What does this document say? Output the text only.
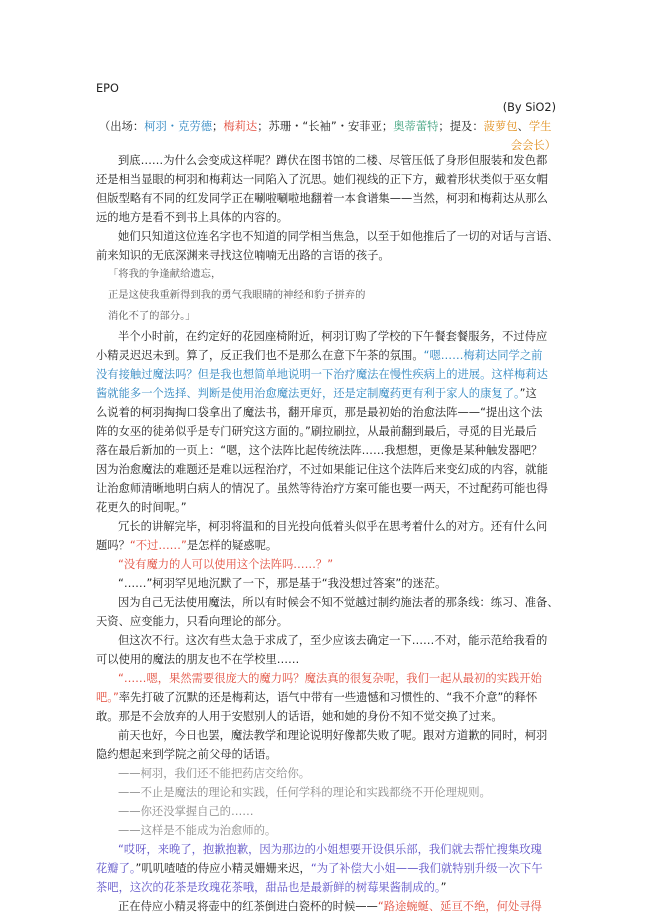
EPO
(By SiO2)
（出场：柯羽・克劳德；梅莉达；苏珊・“长袖”・安菲亚；奥蒂蕾特；提及：菠萝包、学生
会会长）
到底……为什么会变成这样呢？蹲伏在图书馆的二楼、尽管压低了身形但服装和发色都
还是相当显眼的柯羽和梅莉达一同陷入了沉思。她们视线的正下方，戴着形状类似于巫女帽
但版型略有不同的红发同学正在唰啦唰啦地翻着一本食谱集——当然，柯羽和梅莉达从那么
远的地方是看不到书上具体的内容的。
她们只知道这位连名字也不知道的同学相当焦急，以至于如他推后了一切的对话与言语、
前来知识的无底深渊来寻找这位喃喃无出路的言语的孩子。
「将我的争逢献给遗忘，
正是这使我重新得到我的勇气我眼睛的神经和豹子拼弃的
消化不了的部分。」
半个小时前，在约定好的花园座椅附近，柯羽订购了学校的下午餐套餐服务，不过侍应
小精灵迟迟未到。算了，反正我们也不是那么在意下午茶的氛围。“嗯……梅莉达同学之前
没有接触过魔法吗？但是我也想简单地说明一下治疗魔法在慢性疾病上的进展。这样梅莉达
酱就能多一个选择、判断是使用治愈魔法更好，还是定制魔药更有利于家人的康复了。”这
么说着的柯羽掏掏口袋拿出了魔法书，翻开扉页，那是最初始的治愈法阵——“提出这个法
阵的女巫的徒弟似乎是专门研究这方面的。”刷拉刷拉，从最前翻到最后，寻觅的目光最后
落在最后新加的一页上：“嗯，这个法阵比起传统法阵……我想想，更像是某种触发器吧？
因为治愈魔法的难题还是难以远程治疗，不过如果能记住这个法阵后来变幻成的内容，就能
让治愈师清晰地明白病人的情况了。虽然等待治疗方案可能也要一两天，不过配药可能也得
花更久的时间呢。”
冗长的讲解完毕，柯羽将温和的目光投向低着头似乎在思考着什么的对方。还有什么问
题吗？“不过……”是怎样的疑惑呢。
“没有魔力的人可以使用这个法阵吗……？”
“……”柯羽罕见地沉默了一下，那是基于“我没想过答案”的迷茫。
因为自己无法使用魔法，所以有时候会不知不觉越过制约施法者的那条线：练习、准备、
天资、应变能力，只看向理论的部分。
但这次不行。这次有些太急于求成了，至少应该去确定一下……不对，能示范给我看的
可以使用的魔法的朋友也不在学校里……
“……嗯，果然需要很庞大的魔力吗？魔法真的很复杂呢，我们一起从最初的实践开始
吧。”率先打破了沉默的还是梅莉达，语气中带有一些遗憾和习惯性的、“我不介意”的释怀
敢。那是不会放弃的人用于安慰别人的话语，她和她的身份不知不觉交换了过来。
前天也好，今日也罢，魔法教学和理论说明好像都失败了呢。跟对方道歉的同时，柯羽
隐约想起来到学院之前父母的话语。
——柯羽，我们还不能把药店交给你。
——不止是魔法的理论和实践，任何学科的理论和实践都绕不开伦理规则。
——你还没掌握自己的……
——这样是不能成为治愈师的。
“哎呀，来晚了，抱歉抱歉，因为那边的小姐想要开设俱乐部，我们就去帮忙搜集玫瑰
花瓣了。”叽叽喳喳的侍应小精灵姗姗来迟，“为了补偿大小姐——我们就特别升级一次下午
茶吧，这次的花茶是玫瑰花茶哦，甜品也是最新鲜的树莓果酱制成的。”
正在侍应小精灵将壶中的红茶倒进白瓷杯的时候——“路途蜿蜒、延亘不绝，何处寻得
